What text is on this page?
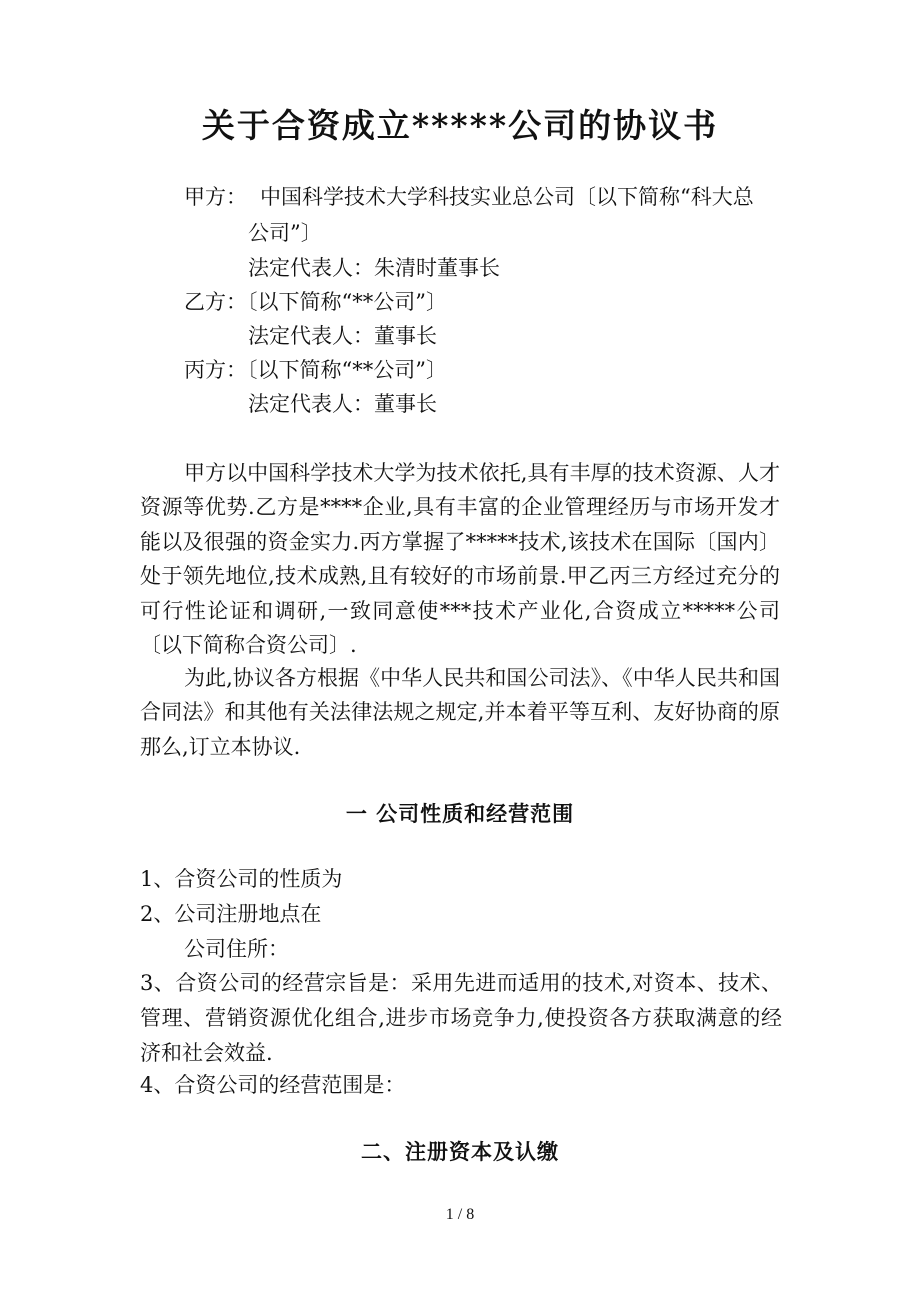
关于合资成立*****公司的协议书
甲方： 中国科学技术大学科技实业总公司〔以下简称“科大总
公司”〕
法定代表人：朱清时董事长
乙方：〔以下简称“**公司”〕
法定代表人：董事长
丙方：〔以下简称“**公司”〕
法定代表人：董事长
甲方以中国科学技术大学为技术依托,具有丰厚的技术资源、人才资源等优势.乙方是****企业,具有丰富的企业管理经历与市场开发才能以及很强的资金实力.丙方掌握了*****技术,该技术在国际〔国内〕处于领先地位,技术成熟,且有较好的市场前景.甲乙丙三方经过充分的可行性论证和调研,一致同意使***技术产业化,合资成立*****公司〔以下简称合资公司〕.
为此,协议各方根据《中华人民共和国公司法》、《中华人民共和国合同法》和其他有关法律法规之规定,并本着平等互利、友好协商的原那么,订立本协议.
一 公司性质和经营范围
1、合资公司的性质为
2、公司注册地点在
公司住所：
3、合资公司的经营宗旨是：采用先进而适用的技术,对资本、技术、管理、营销资源优化组合,进步市场竞争力,使投资各方获取满意的经济和社会效益.
4、合资公司的经营范围是：
二、注册资本及认缴
1 / 8
